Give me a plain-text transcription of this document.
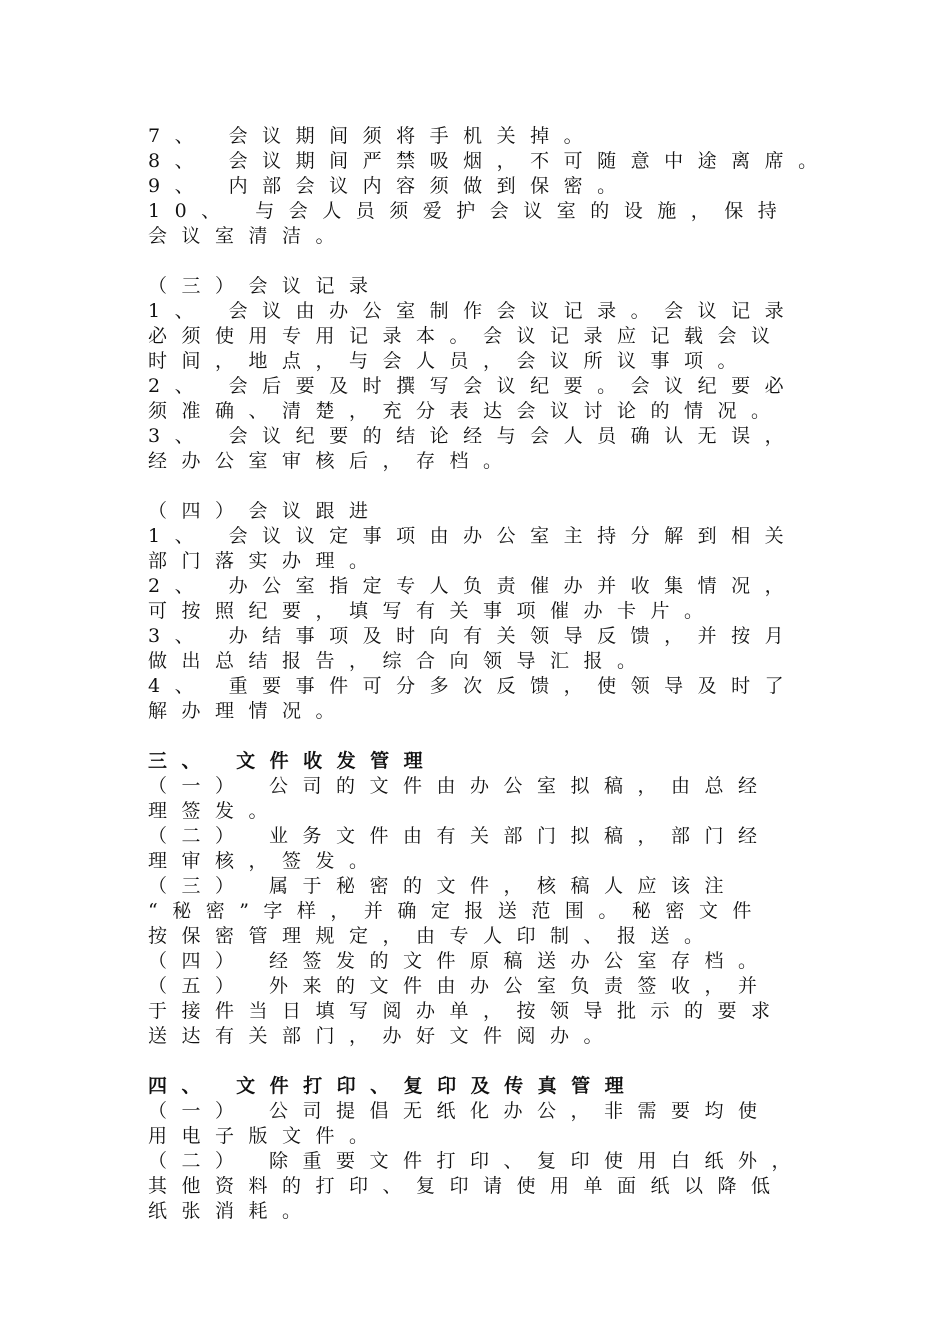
7、 会议期间须将手机关掉。
8、 会议期间严禁吸烟，不可随意中途离席。
9、 内部会议内容须做到保密。
10、 与会人员须爱护会议室的设施，保持
会议室清洁。
（三）会议记录
1、 会议由办公室制作会议记录。会议记录
必须使用专用记录本。会议记录应记载会议
时间，地点，与会人员，会议所议事项。
2、 会后要及时撰写会议纪要。会议纪要必
须准确、清楚，充分表达会议讨论的情况。
3、 会议纪要的结论经与会人员确认无误，
经办公室审核后，存档。
（四）会议跟进
1、 会议议定事项由办公室主持分解到相关
部门落实办理。
2、 办公室指定专人负责催办并收集情况，
可按照纪要，填写有关事项催办卡片。
3、 办结事项及时向有关领导反馈，并按月
做出总结报告，综合向领导汇报。
4、 重要事件可分多次反馈，使领导及时了
解办理情况。
三、 文件收发管理
（一） 公司的文件由办公室拟稿，由总经
理签发。
（二） 业务文件由有关部门拟稿，部门经
理审核，签发。
（三） 属于秘密的文件，核稿人应该注
“秘密”字样，并确定报送范围。秘密文件
按保密管理规定，由专人印制、报送。
（四） 经签发的文件原稿送办公室存档。
（五） 外来的文件由办公室负责签收，并
于接件当日填写阅办单，按领导批示的要求
送达有关部门，办好文件阅办。
四、 文件打印、复印及传真管理
（一） 公司提倡无纸化办公，非需要均使
用电子版文件。
（二） 除重要文件打印、复印使用白纸外，
其他资料的打印、复印请使用单面纸以降低
纸张消耗。
